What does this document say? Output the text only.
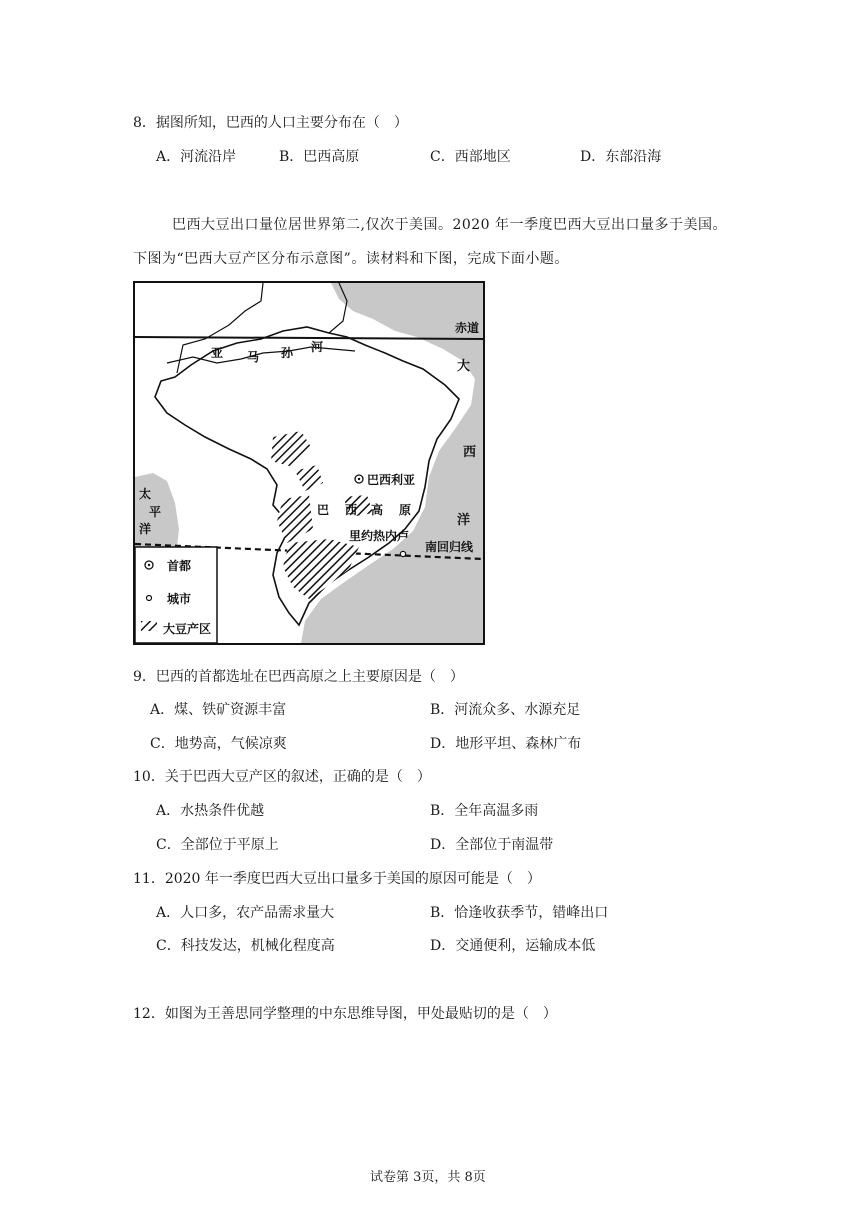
8．据图所知，巴西的人口主要分布在（　）
A．河流沿岸	B．巴西高原	C．西部地区	D．东部沿海
巴西大豆出口量位居世界第二,仅次于美国。2020 年一季度巴西大豆出口量多于美国。
下图为“巴西大豆产区分布示意图”。读材料和下图，完成下面小题。
首都
城市
大豆产区
赤道
亚 马 孙 河
大
西
洋
太
平
洋
巴西利亚
巴 西 高 原
里约热内卢
南回归线
9．巴西的首都选址在巴西高原之上主要原因是（　）
A．煤、铁矿资源丰富	B．河流众多、水源充足
C．地势高，气候凉爽	D．地形平坦、森林广布
10．关于巴西大豆产区的叙述，正确的是（　）
A．水热条件优越	B．全年高温多雨
C．全部位于平原上	D．全部位于南温带
11．2020 年一季度巴西大豆出口量多于美国的原因可能是（　）
A．人口多，农产品需求量大	B．恰逢收获季节，错峰出口
C．科技发达，机械化程度高	D．交通便利，运输成本低
12．如图为王善思同学整理的中东思维导图，甲处最贴切的是（　）
试卷第 3页，共 8页
